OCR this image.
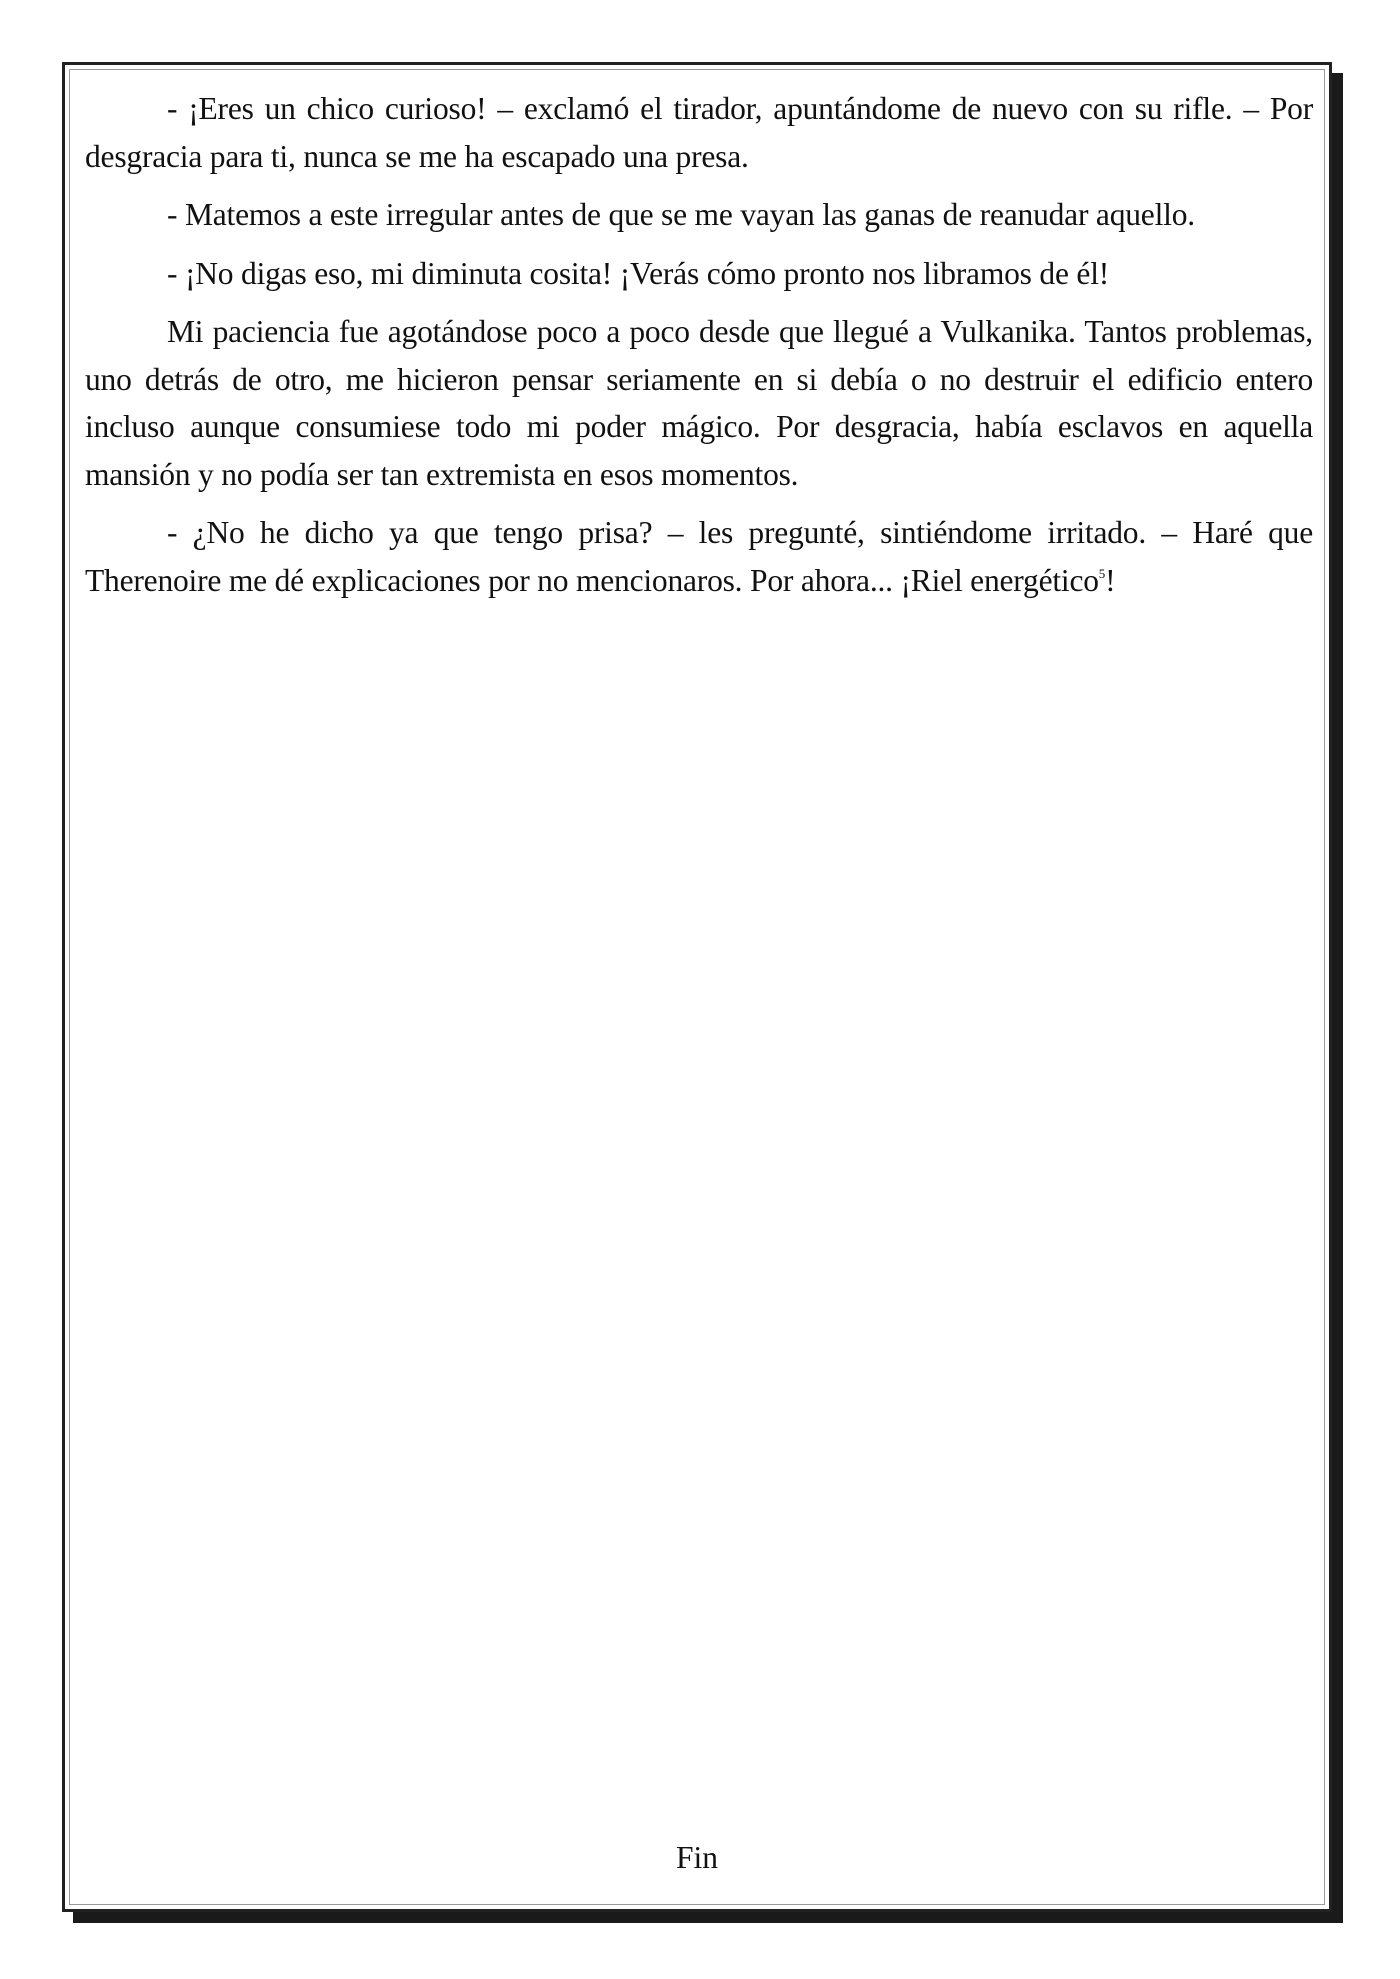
- ¡Eres un chico curioso! – exclamó el tirador, apuntándome de nuevo con su rifle. – Por desgracia para ti, nunca se me ha escapado una presa.

- Matemos a este irregular antes de que se me vayan las ganas de reanudar aquello.

- ¡No digas eso, mi diminuta cosita! ¡Verás cómo pronto nos libramos de él!

Mi paciencia fue agotándose poco a poco desde que llegué a Vulkanika. Tantos problemas, uno detrás de otro, me hicieron pensar seriamente en si debía o no destruir el edificio entero incluso aunque consumiese todo mi poder mágico. Por desgracia, había esclavos en aquella mansión y no podía ser tan extremista en esos momentos.

- ¿No he dicho ya que tengo prisa? – les pregunté, sintiéndome irritado. – Haré que Therenoire me dé explicaciones por no mencionaros. Por ahora... ¡Riel energético$^5$!

Fin
